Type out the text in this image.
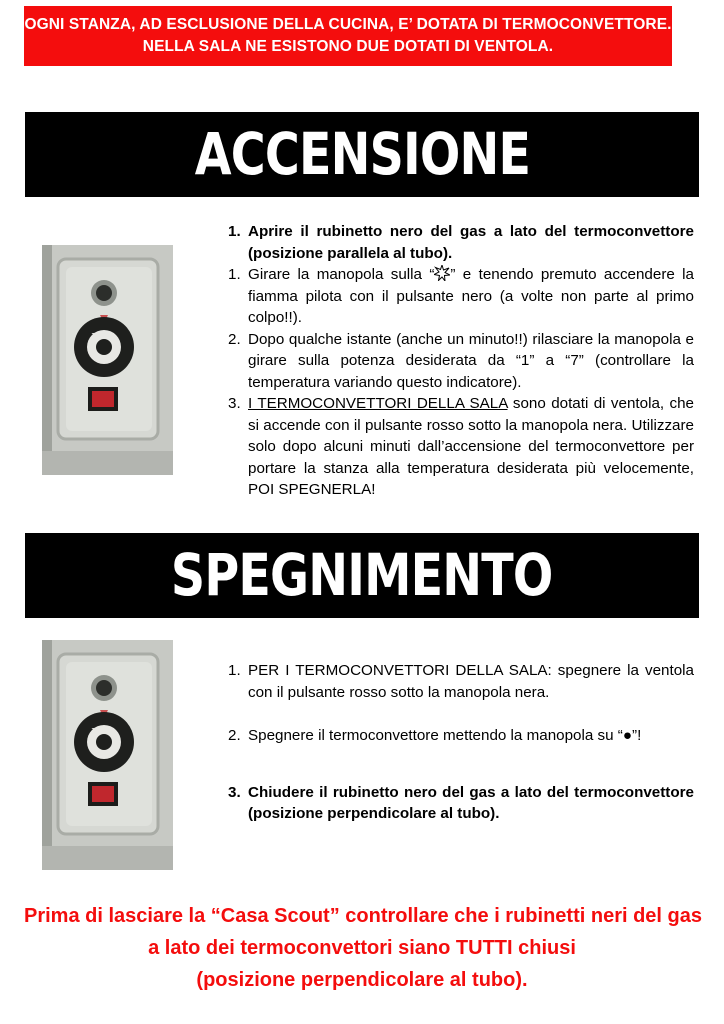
OGNI STANZA, AD ESCLUSIONE DELLA CUCINA, E’ DOTATA DI TERMOCONVETTORE.
NELLA SALA NE ESISTONO DUE DOTATI DI VENTOLA.
ACCENSIONE
1 2 3
1. Aprire il rubinetto nero del gas a lato del termoconvettore (posizione parallela al tubo).
1. Girare la manopola sulla “ ” e tenendo premuto accendere la fiamma pilota con il pulsante nero (a volte non parte al primo colpo!!).
2. Dopo qualche istante (anche un minuto!!) rilasciare la manopola e girare sulla potenza desiderata da “1” a “7” (controllare la temperatura variando questo indicatore).
3. I TERMOCONVETTORI DELLA SALA sono dotati di ventola, che si accende con il pulsante rosso sotto la manopola nera. Utilizzare solo dopo alcuni minuti dall’accensione del termoconvettore per portare la stanza alla temperatura desiderata più velocemente, POI SPEGNERLA!
SPEGNIMENTO
1 2 3
1. PER I TERMOCONVETTORI DELLA SALA: spegnere la ventola con il pulsante rosso sotto la manopola nera.
2. Spegnere il termoconvettore mettendo la manopola su “●”!
3. Chiudere il rubinetto nero del gas a lato del termoconvettore (posizione perpendicolare al tubo).
Prima di lasciare la “Casa Scout” controllare che i rubinetti neri del gas
a lato dei termoconvettori siano TUTTI chiusi
(posizione perpendicolare al tubo).
